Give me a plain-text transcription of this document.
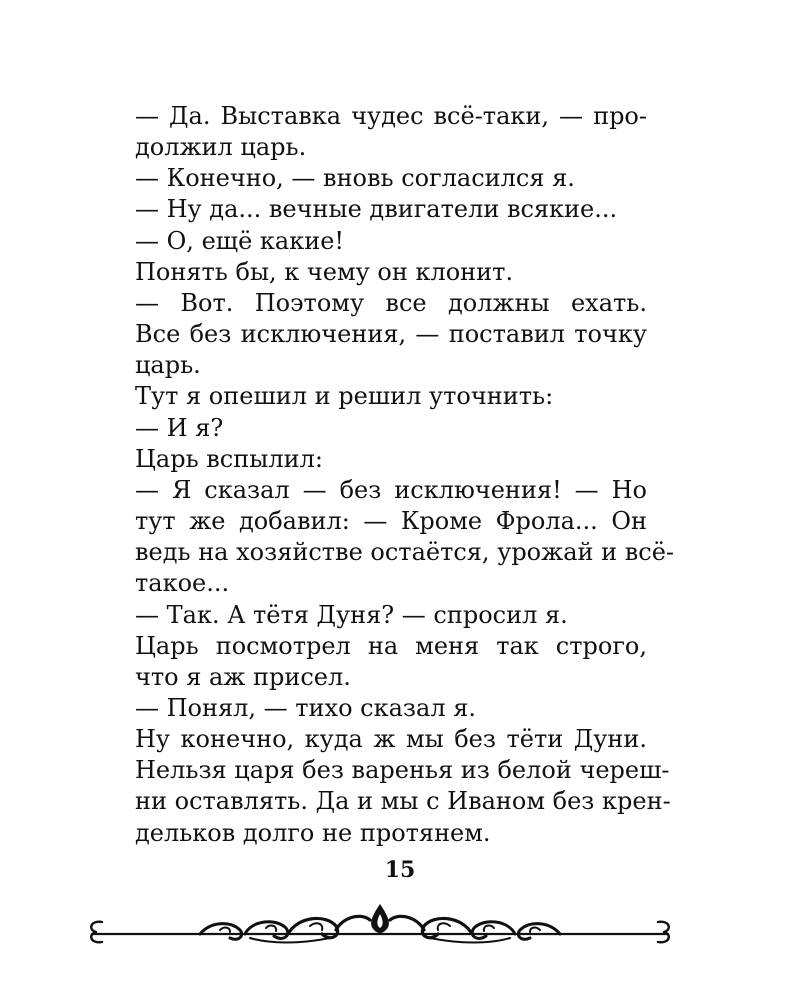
— Да. Выставка чудес всё-таки, — про-
должил царь.

— Конечно, — вновь согласился я.

— Ну да... вечные двигатели всякие...

— О, ещё какие!

Понять бы, к чему он клонит.

— Вот. Поэтому все должны ехать.
Все без исключения, — поставил точку
царь.

Тут я опешил и решил уточнить:

— И я?

Царь вспылил:

— Я сказал — без исключения! — Но
тут же добавил: — Кроме Фрола... Он
ведь на хозяйстве остаётся, урожай и всё-
такое...

— Так. А тётя Дуня? — спросил я.

Царь посмотрел на меня так строго,
что я аж присел.

— Понял, — тихо сказал я.

Ну конечно, куда ж мы без тёти Дуни.
Нельзя царя без варенья из белой череш-
ни оставлять. Да и мы с Иваном без крен-
дельков долго не протянем.

15
